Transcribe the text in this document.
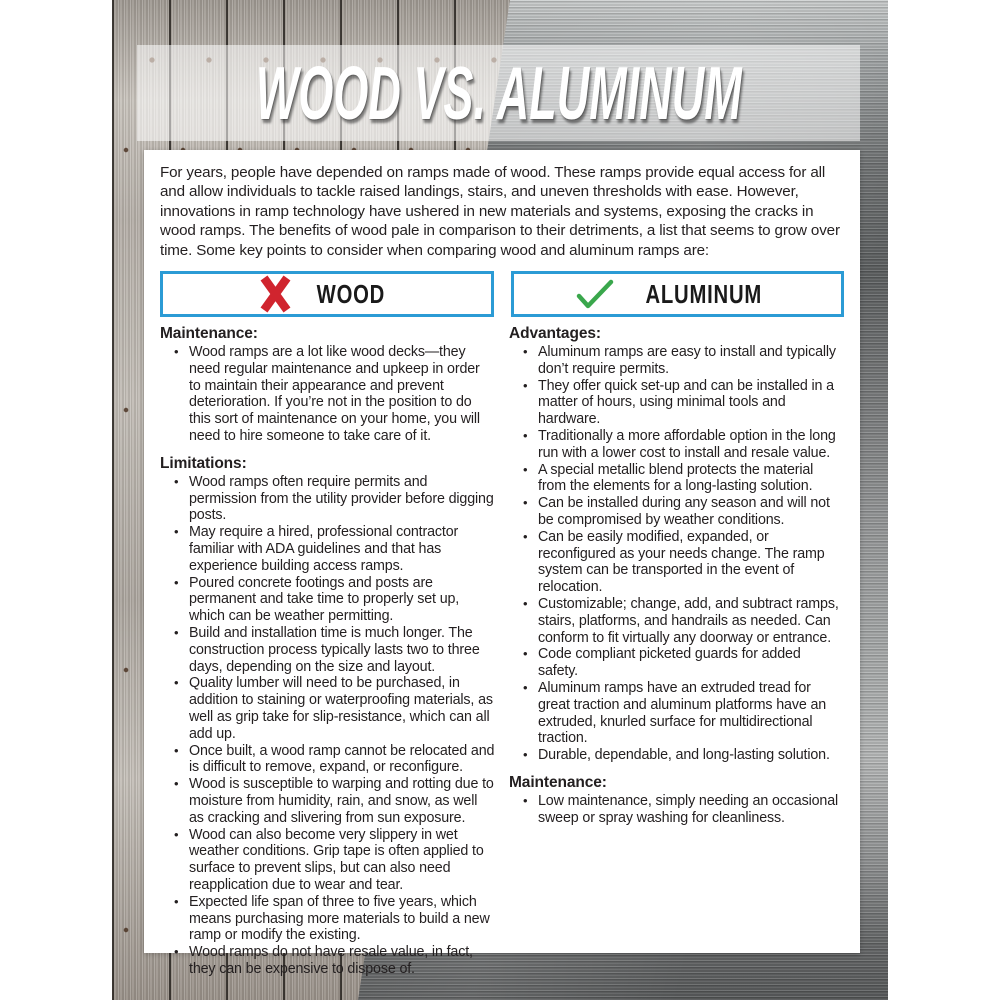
WOOD VS. ALUMINUM

For years, people have depended on ramps made of wood. These ramps provide equal access for all and allow individuals to tackle raised landings, stairs, and uneven thresholds with ease. However, innovations in ramp technology have ushered in new materials and systems, exposing the cracks in wood ramps. The benefits of wood pale in comparison to their detriments, a list that seems to grow over time. Some key points to consider when comparing wood and aluminum ramps are:

WOOD	ALUMINUM
Maintenance:
• Wood ramps are a lot like wood decks—they need regular maintenance and upkeep in order to maintain their appearance and prevent deterioration. If you’re not in the position to do this sort of maintenance on your home, you will need to hire someone to take care of it.
Limitations:
• Wood ramps often require permits and permission from the utility provider before digging posts.
• May require a hired, professional contractor familiar with ADA guidelines and that has experience building access ramps.
• Poured concrete footings and posts are permanent and take time to properly set up, which can be weather permitting.
• Build and installation time is much longer. The construction process typically lasts two to three days, depending on the size and layout.
• Quality lumber will need to be purchased, in addition to staining or waterproofing materials, as well as grip take for slip-resistance, which can all add up.
• Once built, a wood ramp cannot be relocated and is difficult to remove, expand, or reconfigure.
• Wood is susceptible to warping and rotting due to moisture from humidity, rain, and snow, as well as cracking and slivering from sun exposure.
• Wood can also become very slippery in wet weather conditions. Grip tape is often applied to surface to prevent slips, but can also need reapplication due to wear and tear.
• Expected life span of three to five years, which means purchasing more materials to build a new ramp or modify the existing.
• Wood ramps do not have resale value, in fact, they can be expensive to dispose of.
Advantages:
• Aluminum ramps are easy to install and typically don’t require permits.
• They offer quick set-up and can be installed in a matter of hours, using minimal tools and hardware.
• Traditionally a more affordable option in the long run with a lower cost to install and resale value.
• A special metallic blend protects the material from the elements for a long-lasting solution.
• Can be installed during any season and will not be compromised by weather conditions.
• Can be easily modified, expanded, or reconfigured as your needs change. The ramp system can be transported in the event of relocation.
• Customizable; change, add, and subtract ramps, stairs, platforms, and handrails as needed. Can conform to fit virtually any doorway or entrance.
• Code compliant picketed guards for added safety.
• Aluminum ramps have an extruded tread for great traction and aluminum platforms have an extruded, knurled surface for multidirectional traction.
• Durable, dependable, and long-lasting solution.
Maintenance:
• Low maintenance, simply needing an occasional sweep or spray washing for cleanliness.
